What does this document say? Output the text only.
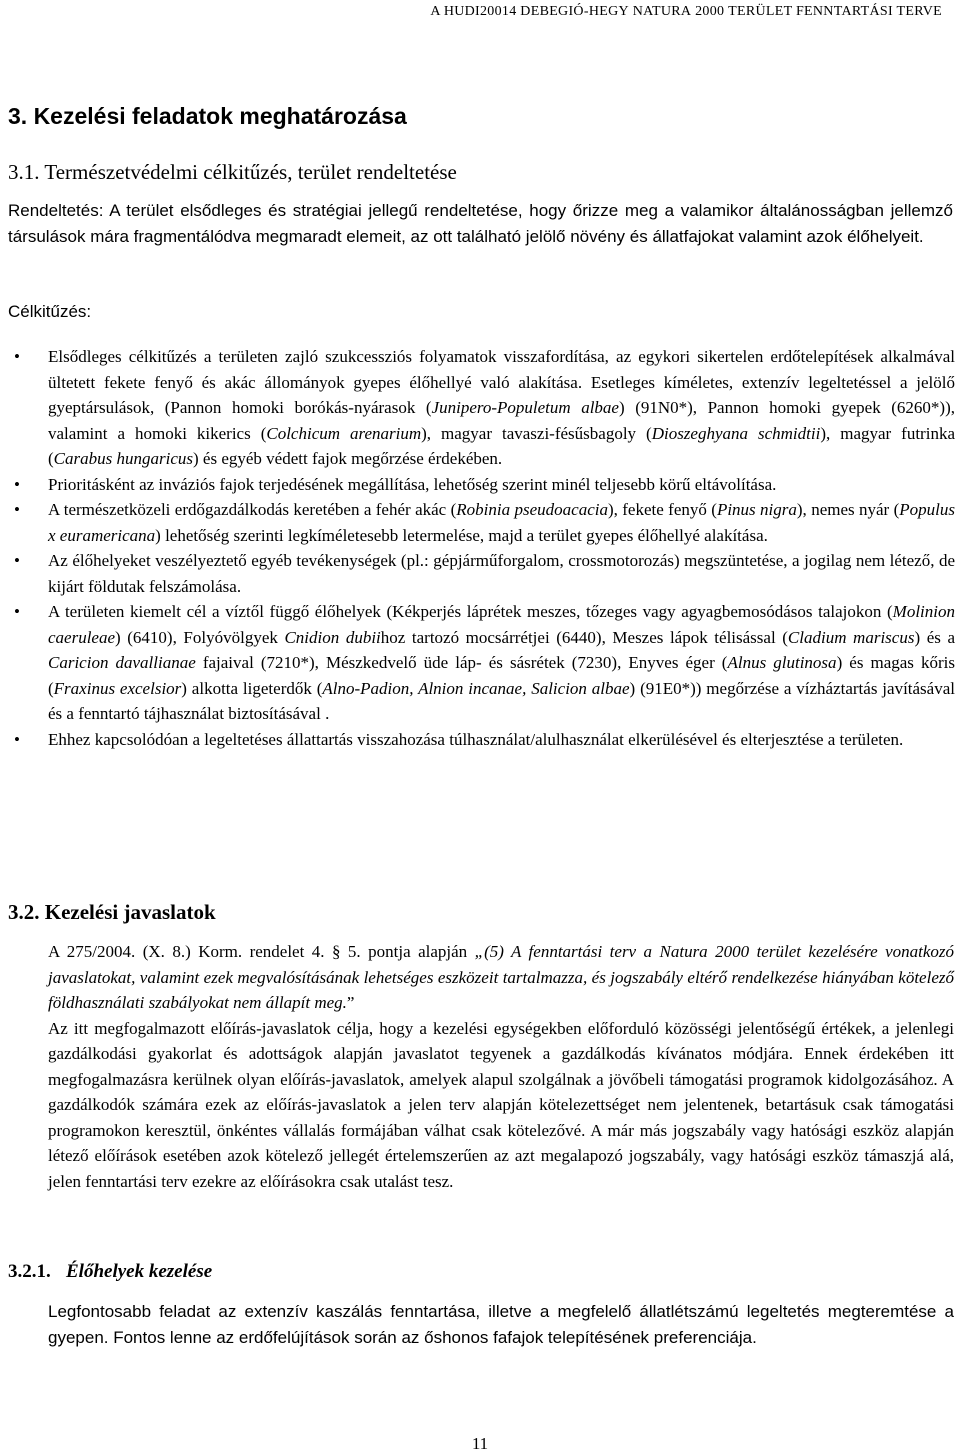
A HUDI20014 DEBEGIÓ-HEGY NATURA 2000 TERÜLET FENNTARTÁSI TERVE
3. Kezelési feladatok meghatározása
3.1. Természetvédelmi célkitűzés, terület rendeltetése
Rendeltetés: A terület elsődleges és stratégiai jellegű rendeltetése, hogy őrizze meg a valamikor általánosságban jellemző társulások mára fragmentálódva megmaradt elemeit, az ott található jelölő növény és állatfajokat valamint azok élőhelyeit.
Célkitűzés:
• Elsődleges célkitűzés a területen zajló szukcessziós folyamatok visszafordítása, az egykori sikertelen erdőtelepítések alkalmával ültetett fekete fenyő és akác állományok gyepes élőhellyé való alakítása. Esetleges kíméletes, extenzív legeltetéssel a jelölő gyeptársulások, (Pannon homoki borókás-nyárasok (Junipero-Populetum albae) (91N0*), Pannon homoki gyepek (6260*)), valamint a homoki kikerics (Colchicum arenarium), magyar tavaszi-fésűsbagoly (Dioszeghyana schmidtii), magyar futrinka (Carabus hungaricus) és egyéb védett fajok megőrzése érdekében.
• Prioritásként az inváziós fajok terjedésének megállítása, lehetőség szerint minél teljesebb körű eltávolítása.
• A természetközeli erdőgazdálkodás keretében a fehér akác (Robinia pseudoacacia), fekete fenyő (Pinus nigra), nemes nyár (Populus x euramericana) lehetőség szerinti legkíméletesebb letermelése, majd a terület gyepes élőhellyé alakítása.
• Az élőhelyeket veszélyeztető egyéb tevékenységek (pl.: gépjárműforgalom, crossmotorozás) megszüntetése, a jogilag nem létező, de kijárt földutak felszámolása.
• A területen kiemelt cél a víztől függő élőhelyek (Kékperjés láprétek meszes, tőzeges vagy agyagbemosódásos talajokon (Molinion caeruleae) (6410), Folyóvölgyek Cnidion dubiihoz tartozó mocsárrétjei (6440), Meszes lápok télisással (Cladium mariscus) és a Caricion davallianae fajaival (7210*), Mészkedvelő üde láp- és sásrétek (7230), Enyves éger (Alnus glutinosa) és magas kőris (Fraxinus excelsior) alkotta ligeterdők (Alno-Padion, Alnion incanae, Salicion albae) (91E0*)) megőrzése a vízháztartás javításával és a fenntartó tájhasználat biztosításával .
• Ehhez kapcsolódóan a legeltetéses állattartás visszahozása túlhasználat/alulhasználat elkerülésével és elterjesztése a területen.
3.2. Kezelési javaslatok
A 275/2004. (X. 8.) Korm. rendelet 4. § 5. pontja alapján „(5) A fenntartási terv a Natura 2000 terület kezelésére vonatkozó javaslatokat, valamint ezek megvalósításának lehetséges eszközeit tartalmazza, és jogszabály eltérő rendelkezése hiányában kötelező földhasználati szabályokat nem állapít meg.”
Az itt megfogalmazott előírás-javaslatok célja, hogy a kezelési egységekben előforduló közösségi jelentőségű értékek, a jelenlegi gazdálkodási gyakorlat és adottságok alapján javaslatot tegyenek a gazdálkodás kívánatos módjára. Ennek érdekében itt megfogalmazásra kerülnek olyan előírás-javaslatok, amelyek alapul szolgálnak a jövőbeli támogatási programok kidolgozásához. A gazdálkodók számára ezek az előírás-javaslatok a jelen terv alapján kötelezettséget nem jelentenek, betartásuk csak támogatási programokon keresztül, önkéntes vállalás formájában válhat csak kötelezővé. A már más jogszabály vagy hatósági eszköz alapján létező előírások esetében azok kötelező jellegét értelemszerűen az azt megalapozó jogszabály, vagy hatósági eszköz támaszjá alá, jelen fenntartási terv ezekre az előírásokra csak utalást tesz.
3.2.1. Élőhelyek kezelése
Legfontosabb feladat az extenzív kaszálás fenntartása, illetve a megfelelő állatlétszámú legeltetés megteremtése a gyepen. Fontos lenne az erdőfelújítások során az őshonos fafajok telepítésének preferenciája.
11
